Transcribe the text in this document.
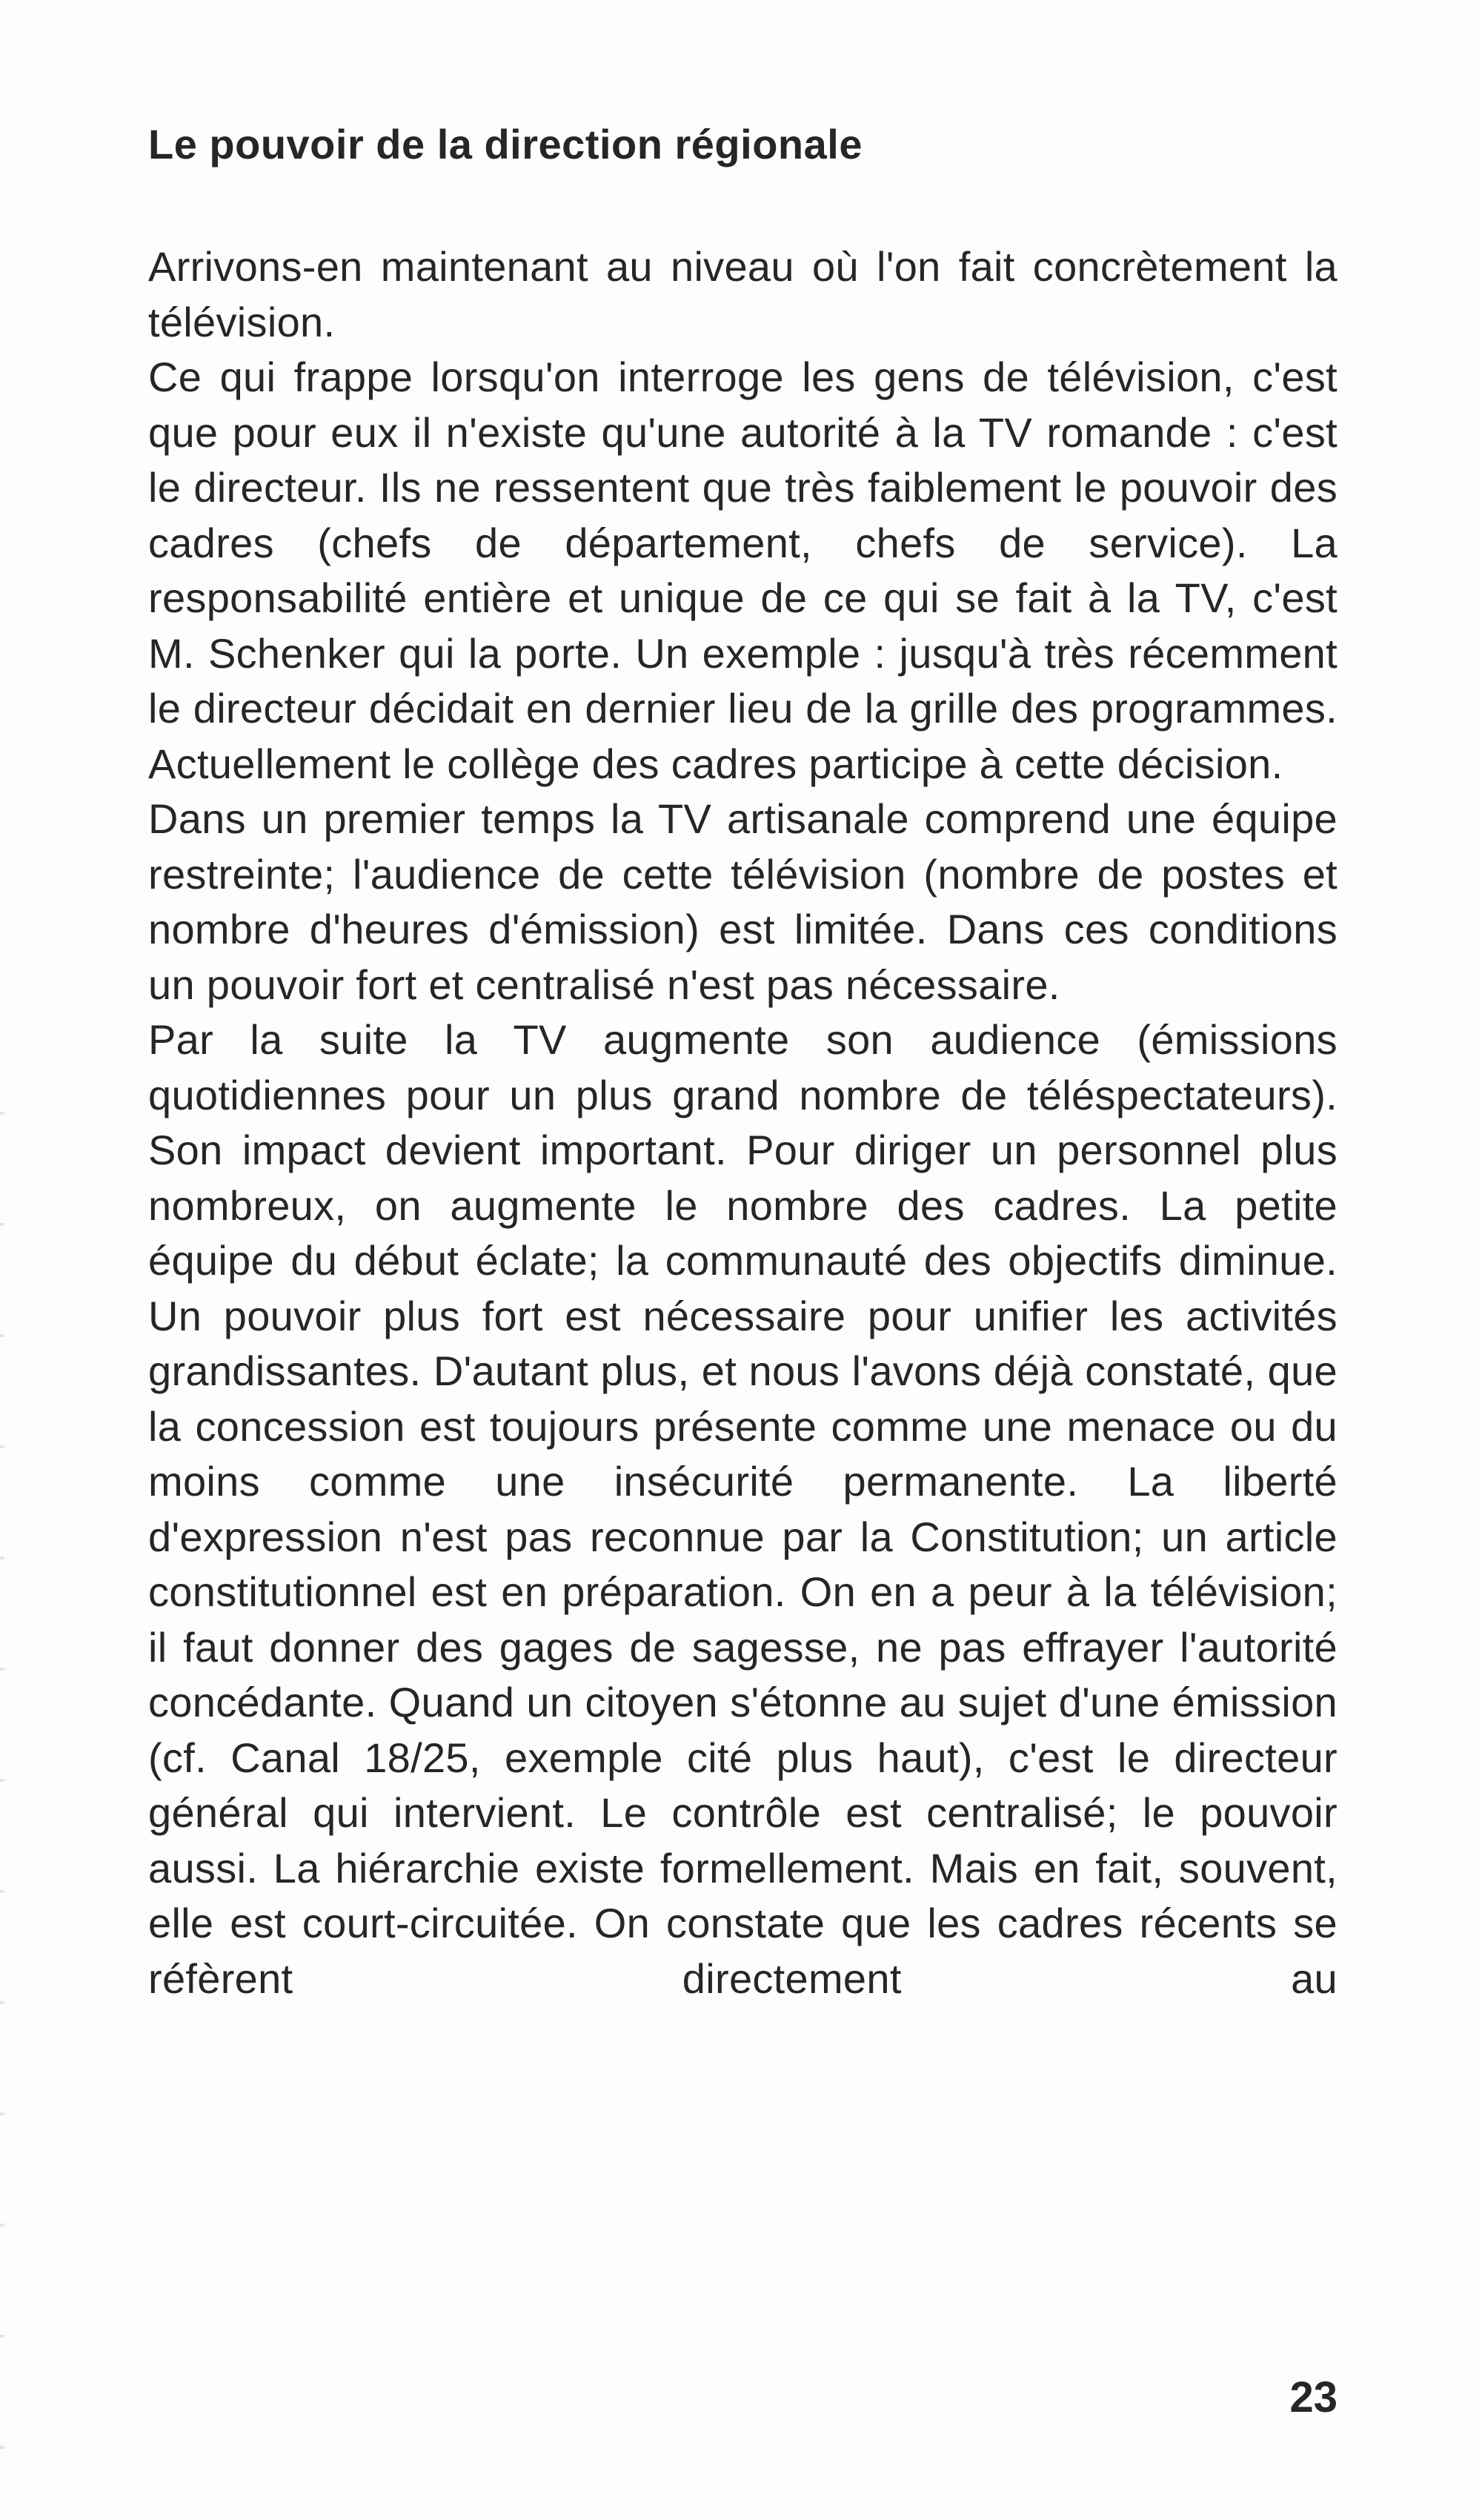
Le pouvoir de la direction régionale

Arrivons-en maintenant au niveau où l'on fait concrètement la télévision.

Ce qui frappe lorsqu'on interroge les gens de télévision, c'est que pour eux il n'existe qu'une autorité à la TV romande : c'est le directeur. Ils ne ressentent que très faiblement le pouvoir des cadres (chefs de département, chefs de service). La responsabilité entière et unique de ce qui se fait à la TV, c'est M. Schenker qui la porte. Un exemple : jusqu'à très récemment le directeur décidait en dernier lieu de la grille des programmes. Actuellement le collège des cadres participe à cette décision.

Dans un premier temps la TV artisanale comprend une équipe restreinte; l'audience de cette télévision (nombre de postes et nombre d'heures d'émission) est limitée. Dans ces conditions un pouvoir fort et centralisé n'est pas nécessaire.

Par la suite la TV augmente son audience (émissions quotidiennes pour un plus grand nombre de téléspectateurs). Son impact devient important. Pour diriger un personnel plus nombreux, on augmente le nombre des cadres. La petite équipe du début éclate; la communauté des objectifs diminue. Un pouvoir plus fort est nécessaire pour unifier les activités grandissantes. D'autant plus, et nous l'avons déjà constaté, que la concession est toujours présente comme une menace ou du moins comme une insécurité permanente. La liberté d'expression n'est pas reconnue par la Constitution; un article constitutionnel est en préparation. On en a peur à la télévision; il faut donner des gages de sagesse, ne pas effrayer l'autorité concédante. Quand un citoyen s'étonne au sujet d'une émission (cf. Canal 18/25, exemple cité plus haut), c'est le directeur général qui intervient. Le contrôle est centralisé; le pouvoir aussi. La hiérarchie existe formellement. Mais en fait, souvent, elle est court-circuitée. On constate que les cadres récents se réfèrent directement au

23
